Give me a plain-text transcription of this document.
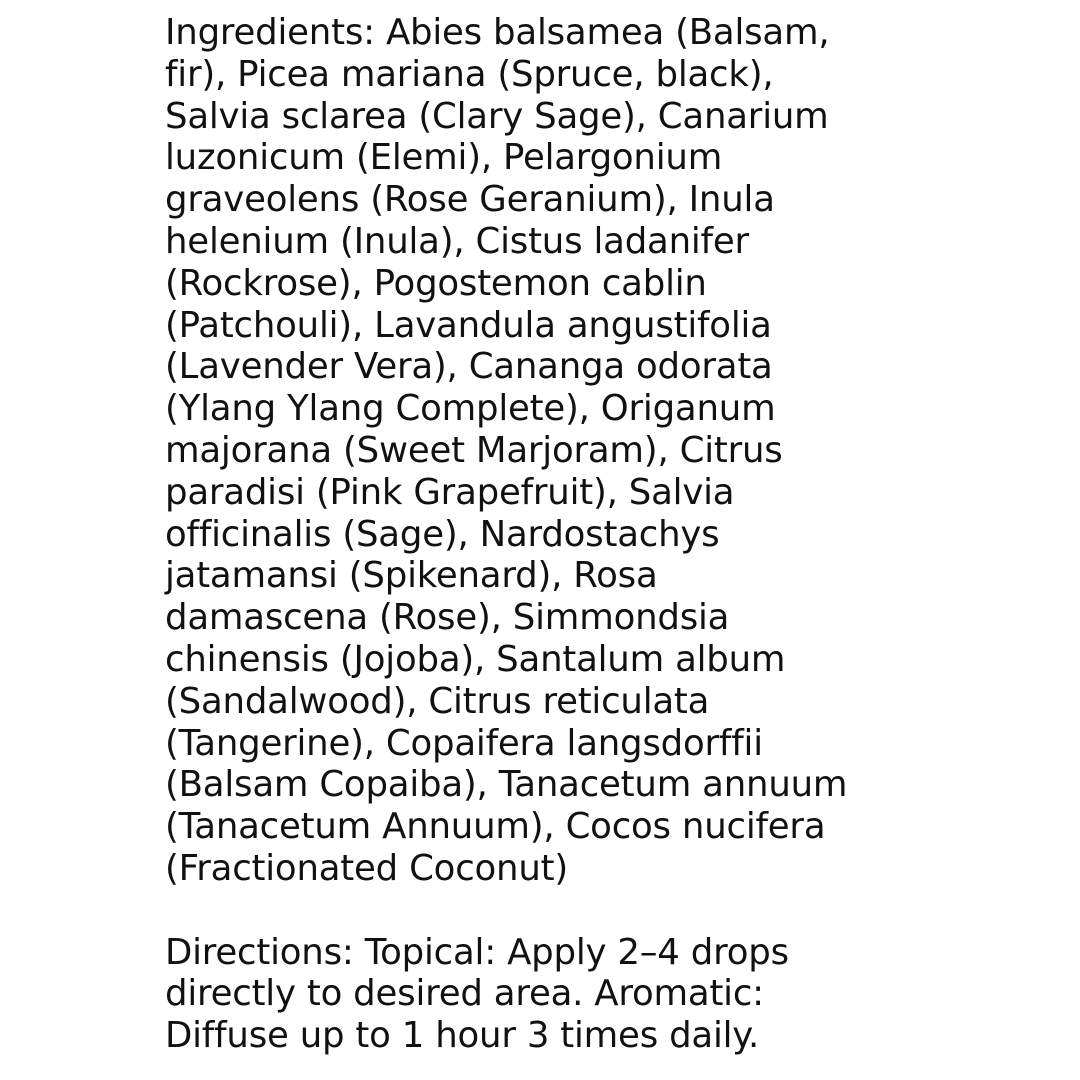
Ingredients: Abies balsamea (Balsam,
fir), Picea mariana (Spruce, black),
Salvia sclarea (Clary Sage), Canarium
luzonicum (Elemi), Pelargonium
graveolens (Rose Geranium), Inula
helenium (Inula), Cistus ladanifer
(Rockrose), Pogostemon cablin
(Patchouli), Lavandula angustifolia
(Lavender Vera), Cananga odorata
(Ylang Ylang Complete), Origanum
majorana (Sweet Marjoram), Citrus
paradisi (Pink Grapefruit), Salvia
officinalis (Sage), Nardostachys
jatamansi (Spikenard), Rosa
damascena (Rose), Simmondsia
chinensis (Jojoba), Santalum album
(Sandalwood), Citrus reticulata
(Tangerine), Copaifera langsdorffii
(Balsam Copaiba), Tanacetum annuum
(Tanacetum Annuum), Cocos nucifera
(Fractionated Coconut)
Directions: Topical: Apply 2–4 drops
directly to desired area. Aromatic:
Diffuse up to 1 hour 3 times daily.
